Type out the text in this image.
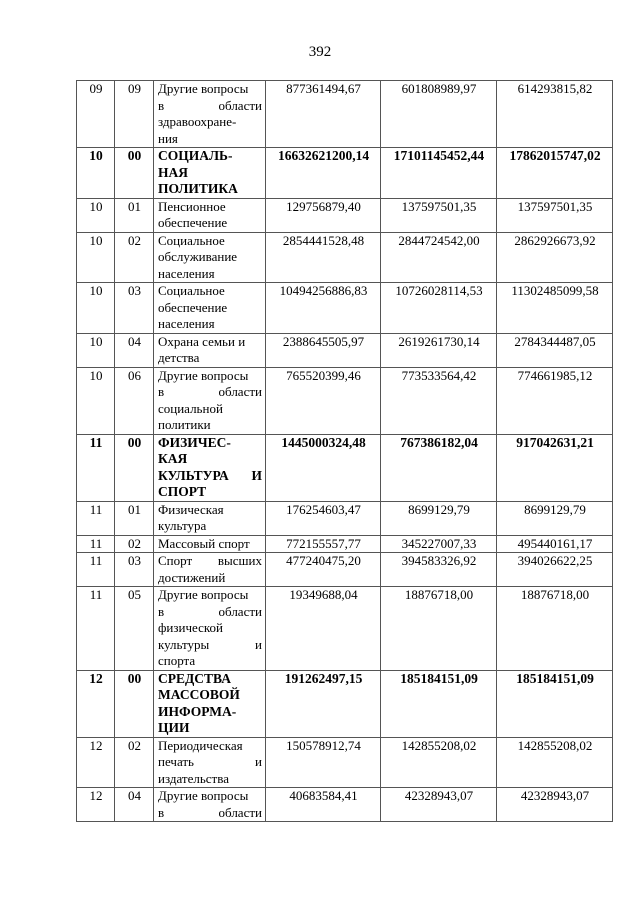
392
09	09	Другие вопросы
в области
здравоохране-
ния	877361494,67	601808989,97	614293815,82
10	00	СОЦИАЛЬ-
НАЯ
ПОЛИТИКА	16632621200,14	17101145452,44	17862015747,02
10	01	Пенсионное
обеспечение	129756879,40	137597501,35	137597501,35
10	02	Социальное
обслуживание
населения	2854441528,48	2844724542,00	2862926673,92
10	03	Социальное
обеспечение
населения	10494256886,83	10726028114,53	11302485099,58
10	04	Охрана семьи и
детства	2388645505,97	2619261730,14	2784344487,05
10	06	Другие вопросы
в области
социальной
политики	765520399,46	773533564,42	774661985,12
11	00	ФИЗИЧЕС-
КАЯ
КУЛЬТУРА И
СПОРТ	1445000324,48	767386182,04	917042631,21
11	01	Физическая
культура	176254603,47	8699129,79	8699129,79
11	02	Массовый спорт	772155557,77	345227007,33	495440161,17
11	03	Спорт высших
достижений	477240475,20	394583326,92	394026622,25
11	05	Другие вопросы
в области
физической
культуры и
спорта	19349688,04	18876718,00	18876718,00
12	00	СРЕДСТВА
МАССОВОЙ
ИНФОРМА-
ЦИИ	191262497,15	185184151,09	185184151,09
12	02	Периодическая
печать и
издательства	150578912,74	142855208,02	142855208,02
12	04	Другие вопросы
в области	40683584,41	42328943,07	42328943,07
